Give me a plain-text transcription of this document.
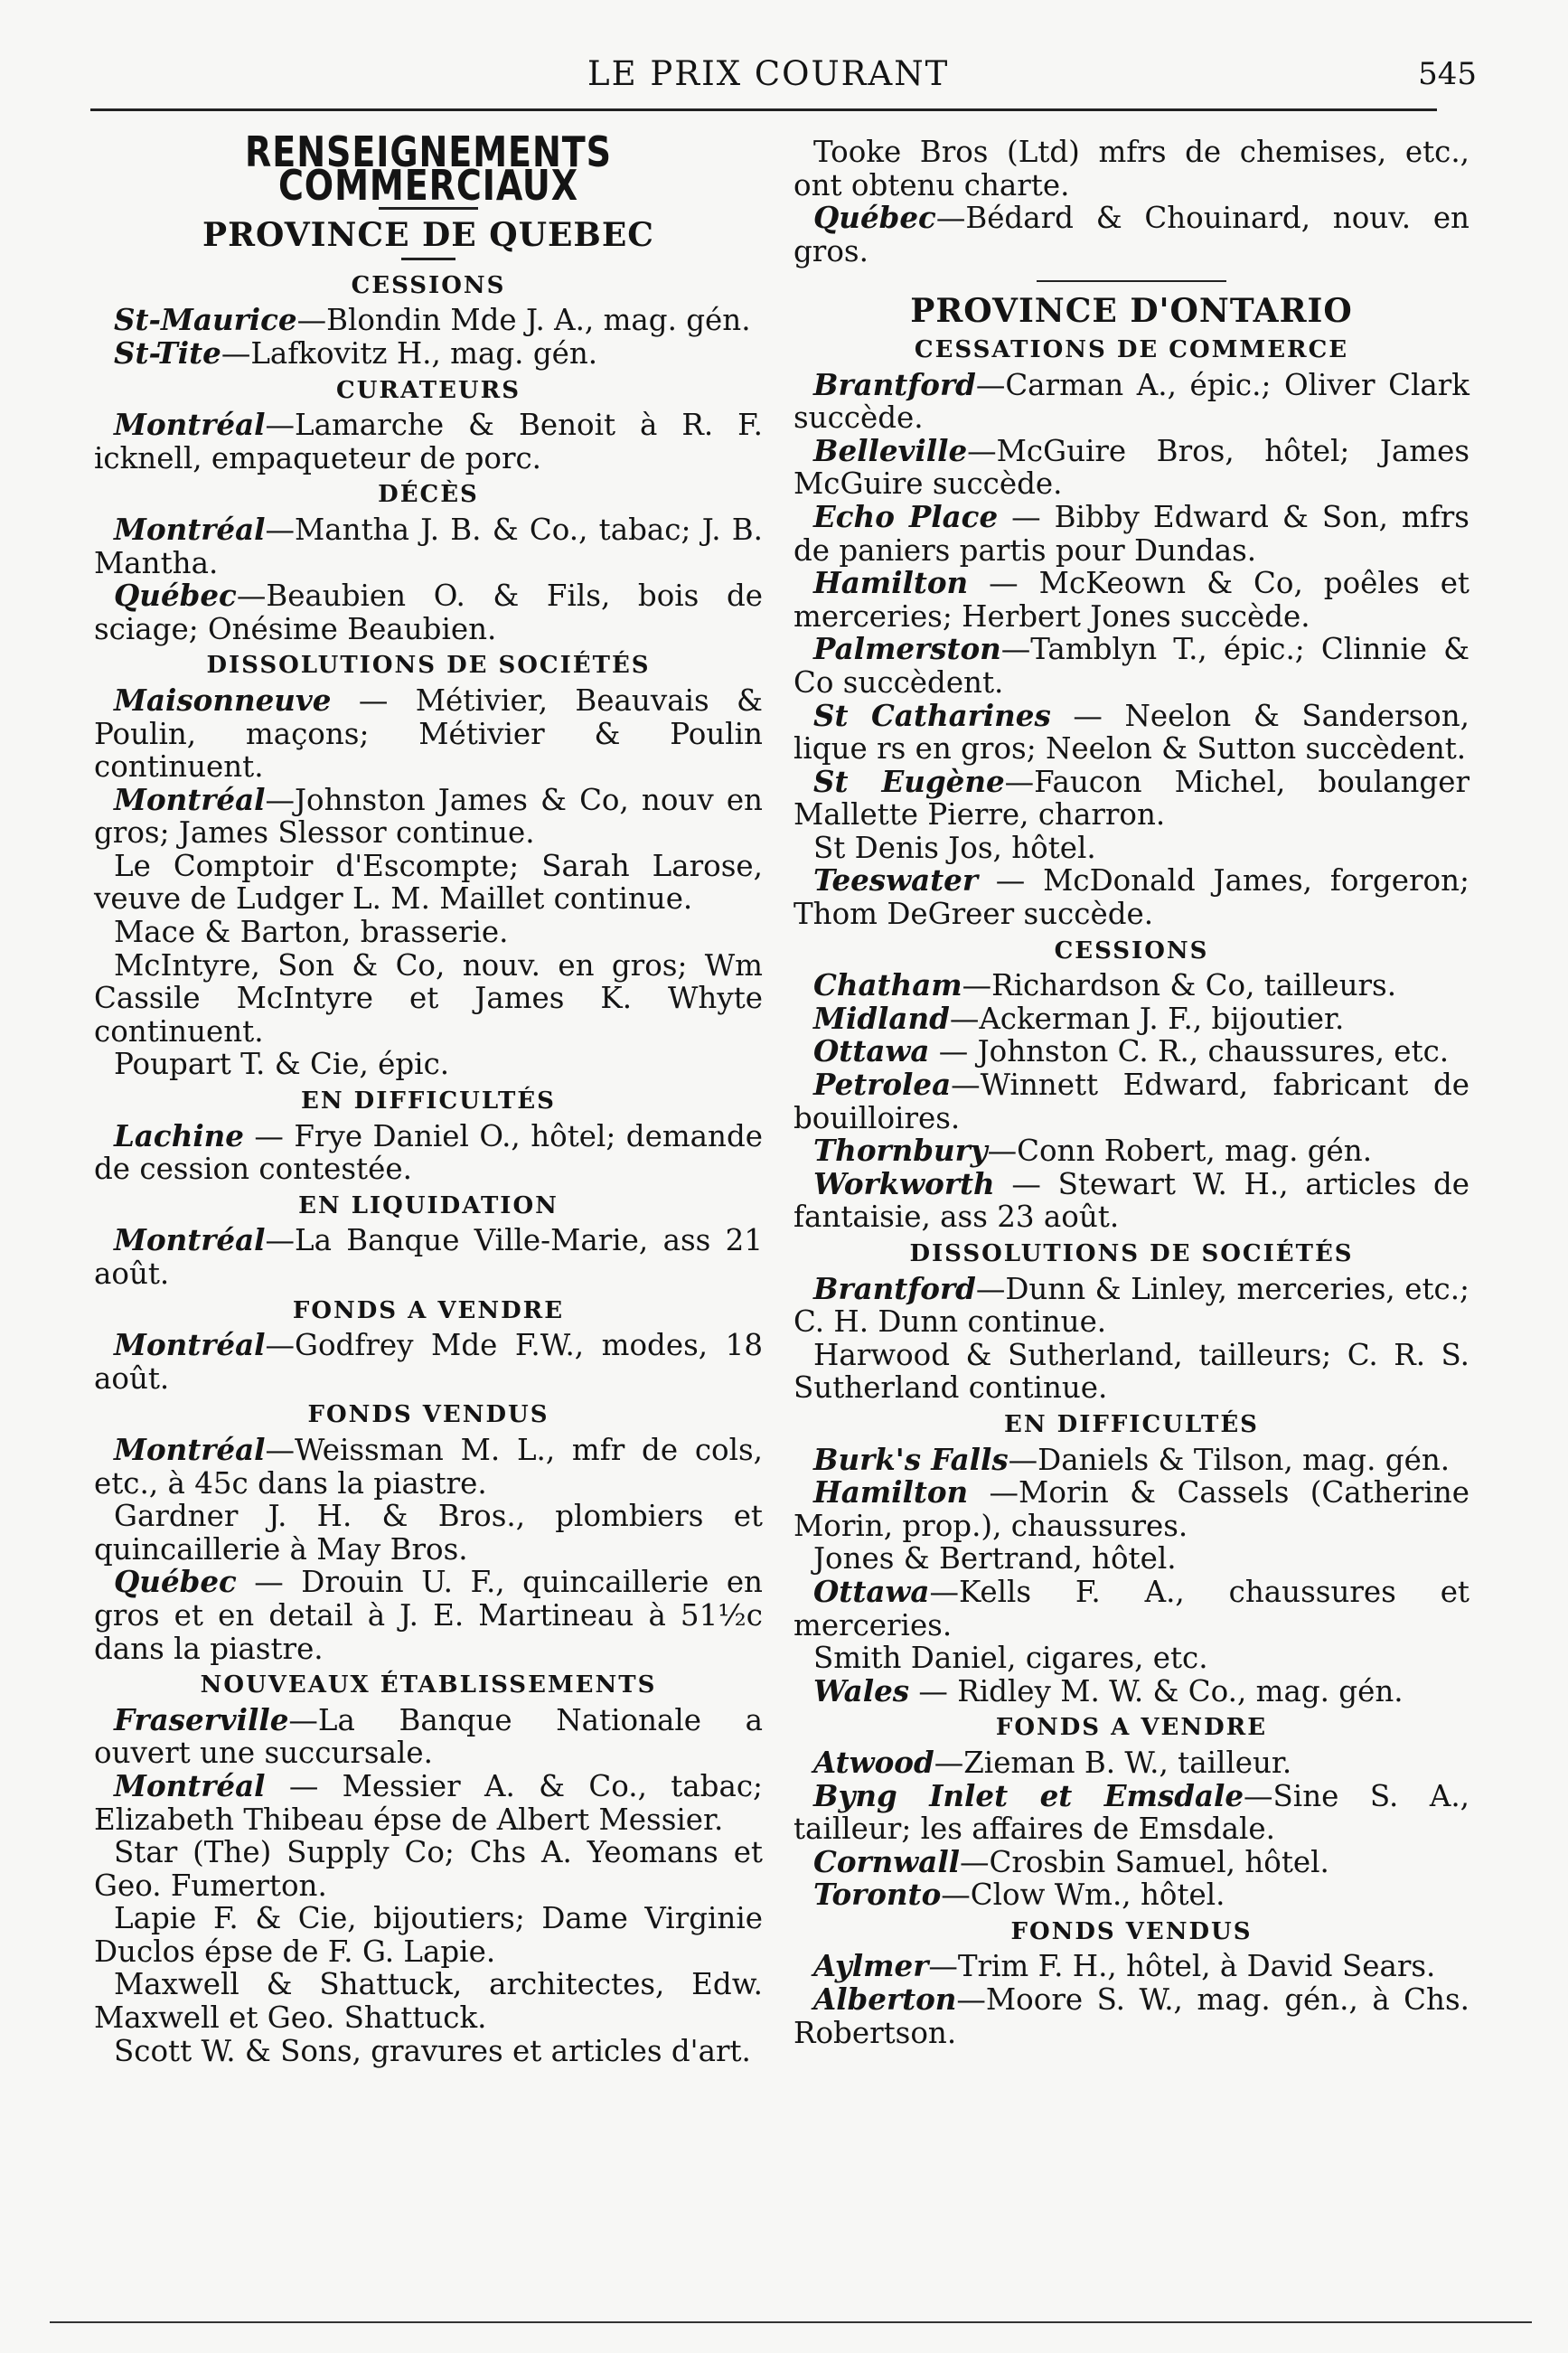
LE PRIX COURANT	545
RENSEIGNEMENTS COMMERCIAUX
PROVINCE DE QUEBEC
CESSIONS

St-Maurice—Blondin Mde J. A., mag. gén.

St-Tite—Lafkovitz H., mag. gén.

CURATEURS

Montréal—Lamarche & Benoit à R. F. icknell, empaqueteur de porc.

DÉCÈS

Montréal—Mantha J. B. & Co., tabac; J. B. Mantha.

Québec—Beaubien O. & Fils, bois de sciage; Onésime Beaubien.

DISSOLUTIONS DE SOCIÉTÉS

Maisonneuve — Métivier, Beauvais & Poulin, maçons; Métivier & Poulin continuent.

Montréal—Johnston James & Co, nouv en gros; James Slessor continue.

Le Comptoir d'Escompte; Sarah Larose, veuve de Ludger L. M. Maillet continue.

Mace & Barton, brasserie.

McIntyre, Son & Co, nouv. en gros; Wm Cassile McIntyre et James K. Whyte continuent.

Poupart T. & Cie, épic.

EN DIFFICULTÉS

Lachine — Frye Daniel O., hôtel; demande de cession contestée.

EN LIQUIDATION

Montréal—La Banque Ville-Marie, ass 21 août.

FONDS A VENDRE

Montréal—Godfrey Mde F.W., modes, 18 août.

FONDS VENDUS

Montréal—Weissman M. L., mfr de cols, etc., à 45c dans la piastre.

Gardner J. H. & Bros., plombiers et quincaillerie à May Bros.

Québec — Drouin U. F., quincaillerie en gros et en detail à J. E. Martineau à 51½c dans la piastre.

NOUVEAUX ÉTABLISSEMENTS

Fraserville—La Banque Nationale a ouvert une succursale.

Montréal — Messier A. & Co., tabac; Elizabeth Thibeau épse de Albert Messier.

Star (The) Supply Co; Chs A. Yeomans et Geo. Fumerton.

Lapie F. & Cie, bijoutiers; Dame Virginie Duclos épse de F. G. Lapie.

Maxwell & Shattuck, architectes, Edw. Maxwell et Geo. Shattuck.

Scott W. & Sons, gravures et articles d'art.

Tooke Bros (Ltd) mfrs de chemises, etc., ont obtenu charte.

Québec—Bédard & Chouinard, nouv. en gros.

PROVINCE D'ONTARIO
CESSATIONS DE COMMERCE

Brantford—Carman A., épic.; Oliver Clark succède.

Belleville—McGuire Bros, hôtel; James McGuire succède.

Echo Place — Bibby Edward & Son, mfrs de paniers partis pour Dundas.

Hamilton — McKeown & Co, poêles et merceries; Herbert Jones succède.

Palmerston—Tamblyn T., épic.; Clinnie & Co succèdent.

St Catharines — Neelon & Sanderson, lique rs en gros; Neelon & Sutton succèdent.

St Eugène—Faucon Michel, boulanger Mallette Pierre, charron.

St Denis Jos, hôtel.

Teeswater — McDonald James, forgeron; Thom DeGreer succède.

CESSIONS

Chatham—Richardson & Co, tailleurs.

Midland—Ackerman J. F., bijoutier.

Ottawa — Johnston C. R., chaussures, etc.

Petrolea—Winnett Edward, fabricant de bouilloires.

Thornbury—Conn Robert, mag. gén.

Workworth — Stewart W. H., articles de fantaisie, ass 23 août.

DISSOLUTIONS DE SOCIÉTÉS

Brantford—Dunn & Linley, merceries, etc.; C. H. Dunn continue.

Harwood & Sutherland, tailleurs; C. R. S. Sutherland continue.

EN DIFFICULTÉS

Burk's Falls—Daniels & Tilson, mag. gén.

Hamilton —Morin & Cassels (Catherine Morin, prop.), chaussures.

Jones & Bertrand, hôtel.

Ottawa—Kells F. A., chaussures et merceries.

Smith Daniel, cigares, etc.

Wales — Ridley M. W. & Co., mag. gén.

FONDS A VENDRE

Atwood—Zieman B. W., tailleur.

Byng Inlet et Emsdale—Sine S. A., tailleur; les affaires de Emsdale.

Cornwall—Crosbin Samuel, hôtel.

Toronto—Clow Wm., hôtel.

FONDS VENDUS

Aylmer—Trim F. H., hôtel, à David Sears.

Alberton—Moore S. W., mag. gén., à Chs. Robertson.
